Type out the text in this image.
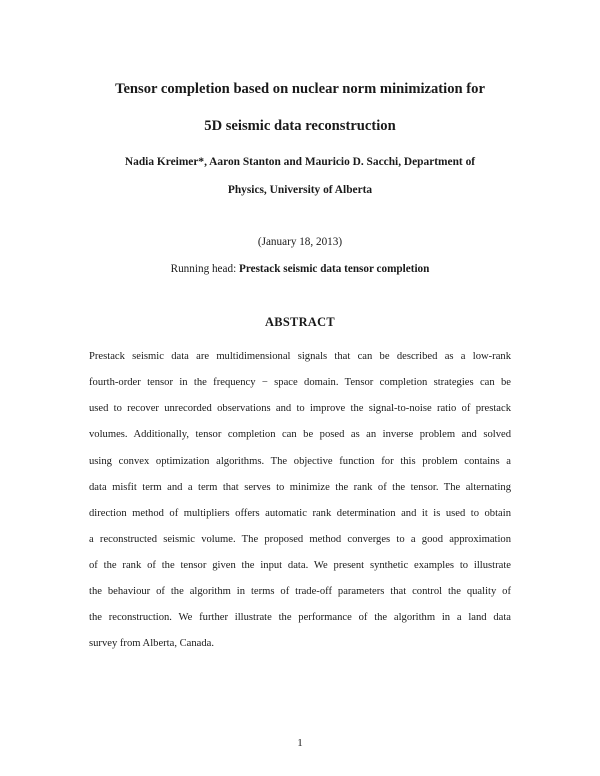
Tensor completion based on nuclear norm minimization for
5D seismic data reconstruction
Nadia Kreimer*, Aaron Stanton and Mauricio D. Sacchi, Department of
Physics, University of Alberta
(January 18, 2013)
Running head: Prestack seismic data tensor completion
ABSTRACT
Prestack seismic data are multidimensional signals that can be described as a low-rank
fourth-order tensor in the frequency − space domain. Tensor completion strategies can be
used to recover unrecorded observations and to improve the signal-to-noise ratio of prestack
volumes. Additionally, tensor completion can be posed as an inverse problem and solved
using convex optimization algorithms. The objective function for this problem contains a
data misfit term and a term that serves to minimize the rank of the tensor. The alternating
direction method of multipliers offers automatic rank determination and it is used to obtain
a reconstructed seismic volume. The proposed method converges to a good approximation
of the rank of the tensor given the input data. We present synthetic examples to illustrate
the behaviour of the algorithm in terms of trade-off parameters that control the quality of
the reconstruction. We further illustrate the performance of the algorithm in a land data
survey from Alberta, Canada.
1
